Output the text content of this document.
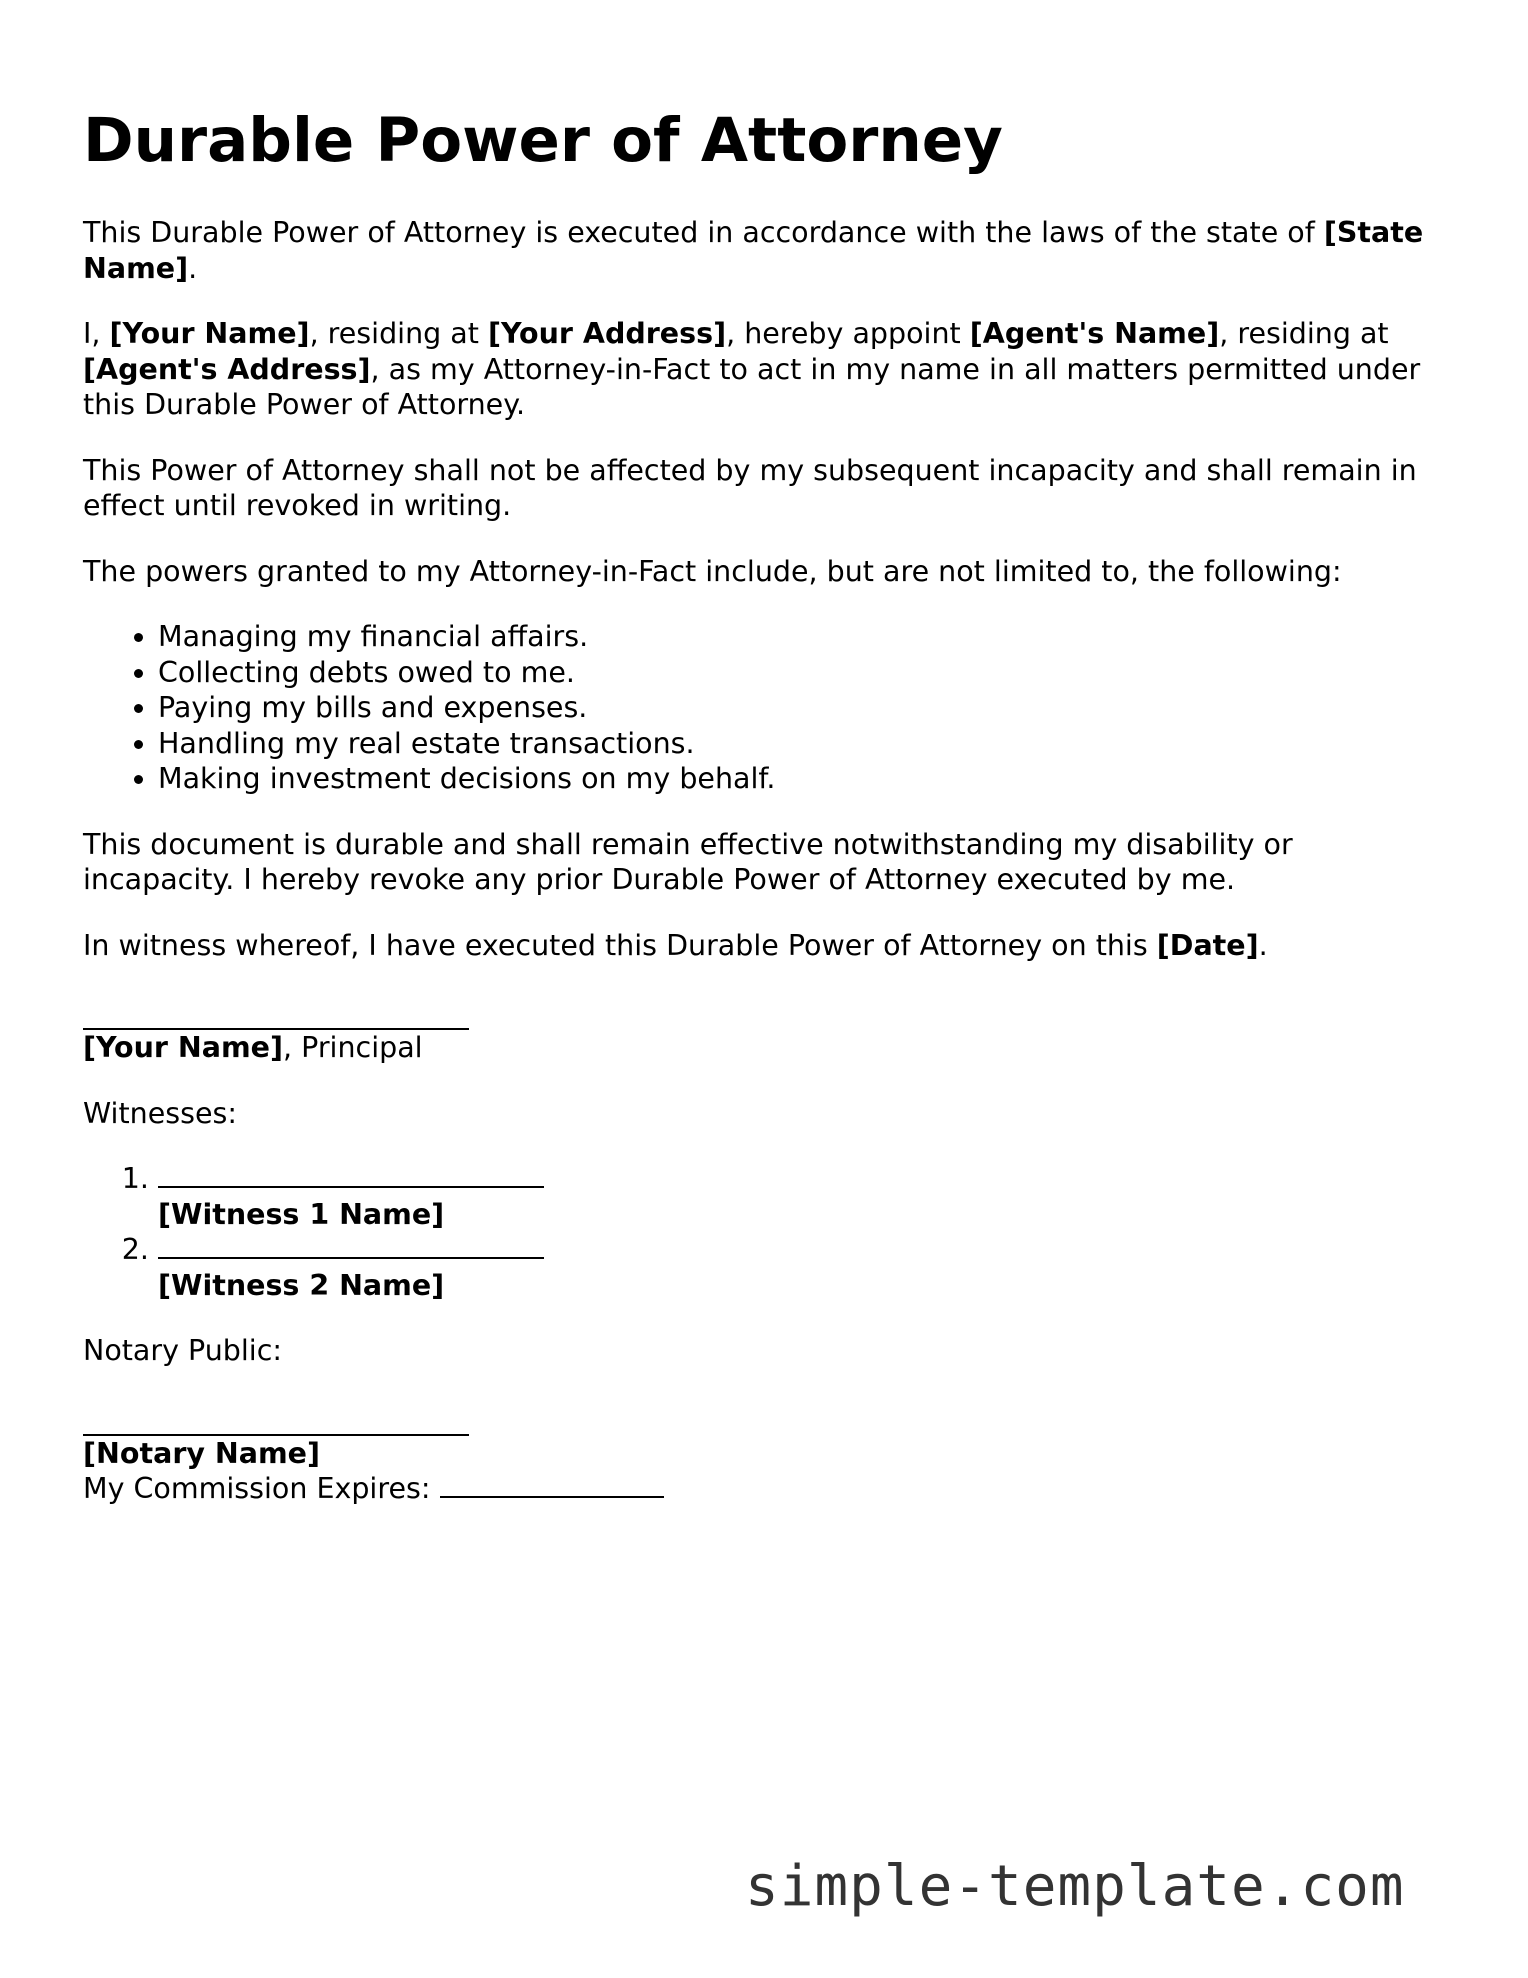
Durable Power of Attorney

This Durable Power of Attorney is executed in accordance with the laws of the state of [State Name].

I, [Your Name], residing at [Your Address], hereby appoint [Agent's Name], residing at [Agent's Address], as my Attorney-in-Fact to act in my name in all matters permitted under this Durable Power of Attorney.

This Power of Attorney shall not be affected by my subsequent incapacity and shall remain in effect until revoked in writing.

The powers granted to my Attorney-in-Fact include, but are not limited to, the following:

• Managing my financial affairs.
• Collecting debts owed to me.
• Paying my bills and expenses.
• Handling my real estate transactions.
• Making investment decisions on my behalf.

This document is durable and shall remain effective notwithstanding my disability or incapacity. I hereby revoke any prior Durable Power of Attorney executed by me.

In witness whereof, I have executed this Durable Power of Attorney on this [Date].

[Your Name], Principal

Witnesses:

1. [Witness 1 Name]

2. [Witness 2 Name]

Notary Public:

[Notary Name]
My Commission Expires:
simple-template.com
